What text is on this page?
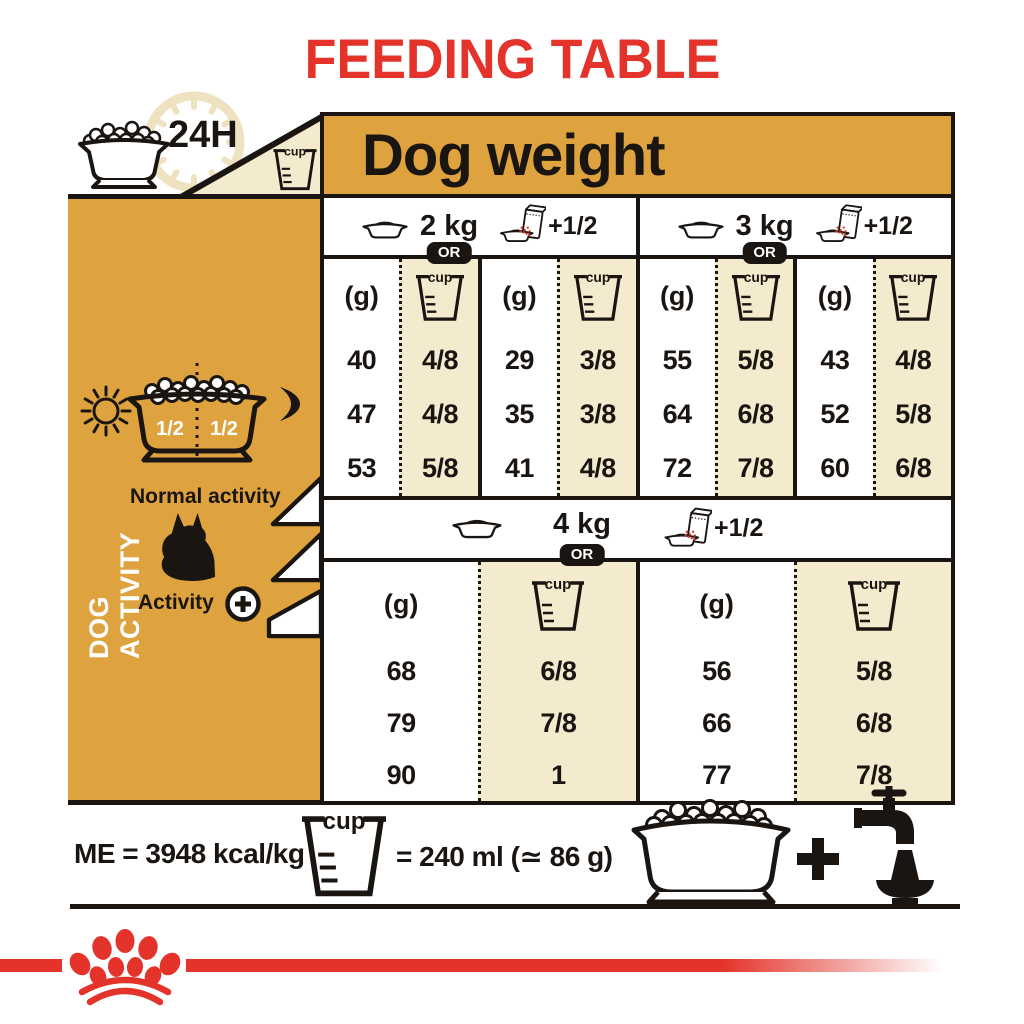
FEEDING TABLE
24H	cup Dog weight
1/2 1/2
DOG ACTIVITY
Normal activity
Activity
2 kg
OR
+1/2	3 kg
OR
+1/2
(g)
40
47
53
cup
4/8
4/8
5/8
(g)
29
35
41
cup
3/8
3/8
4/8
(g)
55
64
72
cup
5/8
6/8
7/8
(g)
43
52
60
cup
4/8
5/8
6/8
4 kg
OR
+1/2
(g)
68
79
90
cup
6/8
7/8
1
(g)
56
66
77
cup
5/8
6/8
7/8
ME = 3948 kcal/kg
cup
= 240 ml (≃ 86 g)
